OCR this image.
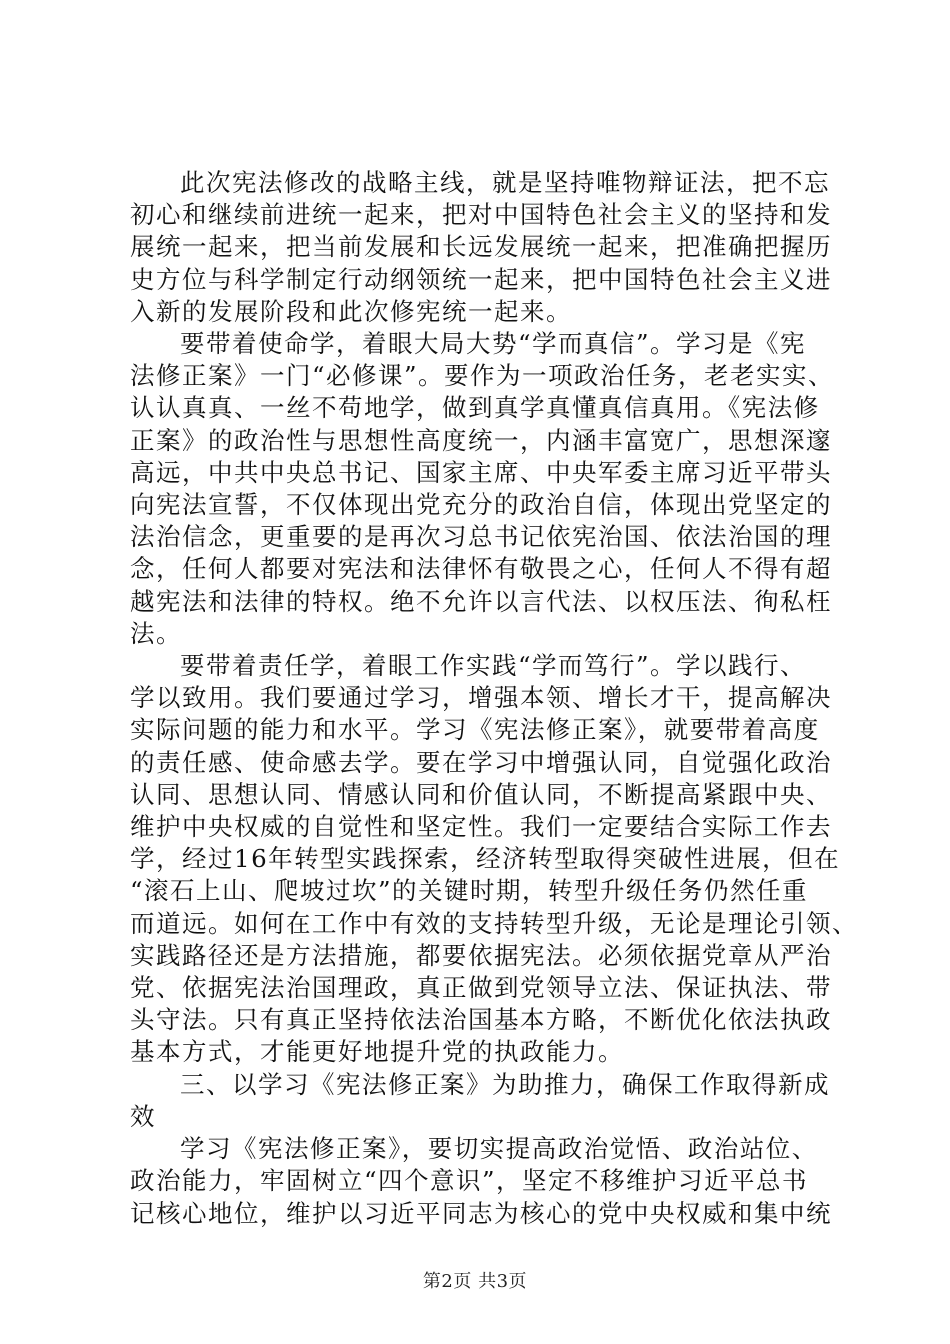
此次宪法修改的战略主线，就是坚持唯物辩证法，把不忘
初心和继续前进统一起来，把对中国特色社会主义的坚持和发
展统一起来，把当前发展和长远发展统一起来，把准确把握历
史方位与科学制定行动纲领统一起来，把中国特色社会主义进
入新的发展阶段和此次修宪统一起来。
要带着使命学，着眼大局大势“学而真信”。学习是《宪
法修正案》一门“必修课”。要作为一项政治任务，老老实实、
认认真真、一丝不苟地学，做到真学真懂真信真用。《宪法修
正案》的政治性与思想性高度统一，内涵丰富宽广，思想深邃
高远，中共中央总书记、国家主席、中央军委主席习近平带头
向宪法宣誓，不仅体现出党充分的政治自信，体现出党坚定的
法治信念，更重要的是再次习总书记依宪治国、依法治国的理
念，任何人都要对宪法和法律怀有敬畏之心，任何人不得有超
越宪法和法律的特权。绝不允许以言代法、以权压法、徇私枉
法。
要带着责任学，着眼工作实践“学而笃行”。学以践行、
学以致用。我们要通过学习，增强本领、增长才干，提高解决
实际问题的能力和水平。学习《宪法修正案》，就要带着高度
的责任感、使命感去学。要在学习中增强认同，自觉强化政治
认同、思想认同、情感认同和价值认同，不断提高紧跟中央、
维护中央权威的自觉性和坚定性。我们一定要结合实际工作去
学，经过16年转型实践探索，经济转型取得突破性进展，但在
“滚石上山、爬坡过坎”的关键时期，转型升级任务仍然任重
而道远。如何在工作中有效的支持转型升级，无论是理论引领、
实践路径还是方法措施，都要依据宪法。必须依据党章从严治
党、依据宪法治国理政，真正做到党领导立法、保证执法、带
头守法。只有真正坚持依法治国基本方略，不断优化依法执政
基本方式，才能更好地提升党的执政能力。
三、以学习《宪法修正案》为助推力，确保工作取得新成
效
学习《宪法修正案》，要切实提高政治觉悟、政治站位、
政治能力，牢固树立“四个意识”，坚定不移维护习近平总书
记核心地位，维护以习近平同志为核心的党中央权威和集中统
第2页 共3页
